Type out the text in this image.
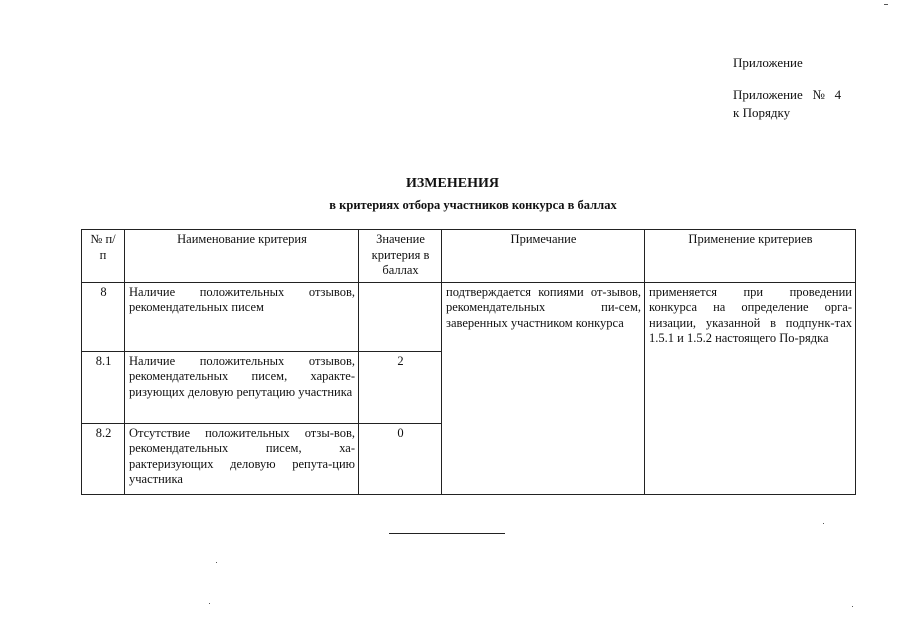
Приложение
Приложение   №   4
к Порядку
ИЗМЕНЕНИЯ
в критериях отбора участников конкурса в баллах
№ п/п	Наименование критерия	Значение критерия в баллах	Примечание	Применение критериев
8	Наличие положительных отзывов, рекомендательных писем		подтверждается копиями от-зывов, рекомендательных пи-сем, заверенных участником конкурса	применяется при проведении конкурса на определение орга-низации, указанной в подпунк-тах 1.5.1 и 1.5.2 настоящего По-рядка
8.1	Наличие положительных отзывов, рекомендательных писем, характе-ризующих деловую репутацию участника	2		
8.2	Отсутствие положительных отзы-вов, рекомендательных писем, ха-рактеризующих деловую репута-цию участника	0		
